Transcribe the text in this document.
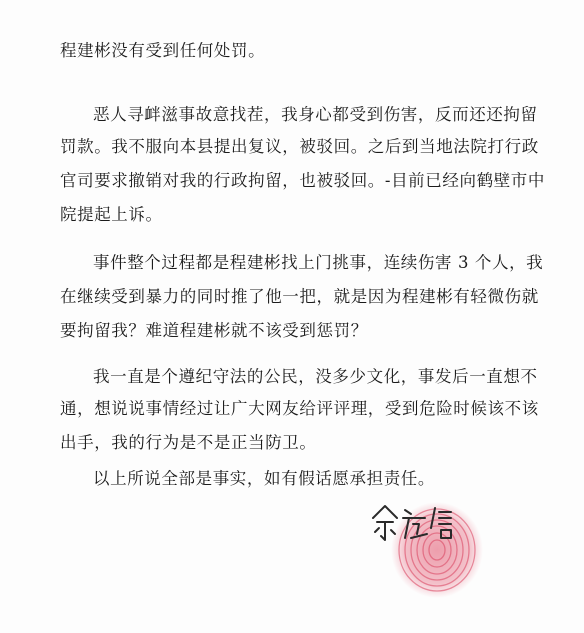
程建彬没有受到任何处罚。
恶人寻衅滋事故意找茬，我身心都受到伤害，反而还还拘留
罚款。我不服向本县提出复议，被驳回。之后到当地法院打行政
官司要求撤销对我的行政拘留，也被驳回。-目前已经向鹤壁市中
院提起上诉。
事件整个过程都是程建彬找上门挑事，连续伤害 3 个人，我
在继续受到暴力的同时推了他一把，就是因为程建彬有轻微伤就
要拘留我？难道程建彬就不该受到惩罚？
我一直是个遵纪守法的公民，没多少文化，事发后一直想不
通，想说说事情经过让广大网友给评评理，受到危险时候该不该
出手，我的行为是不是正当防卫。
以上所说全部是事实，如有假话愿承担责任。
